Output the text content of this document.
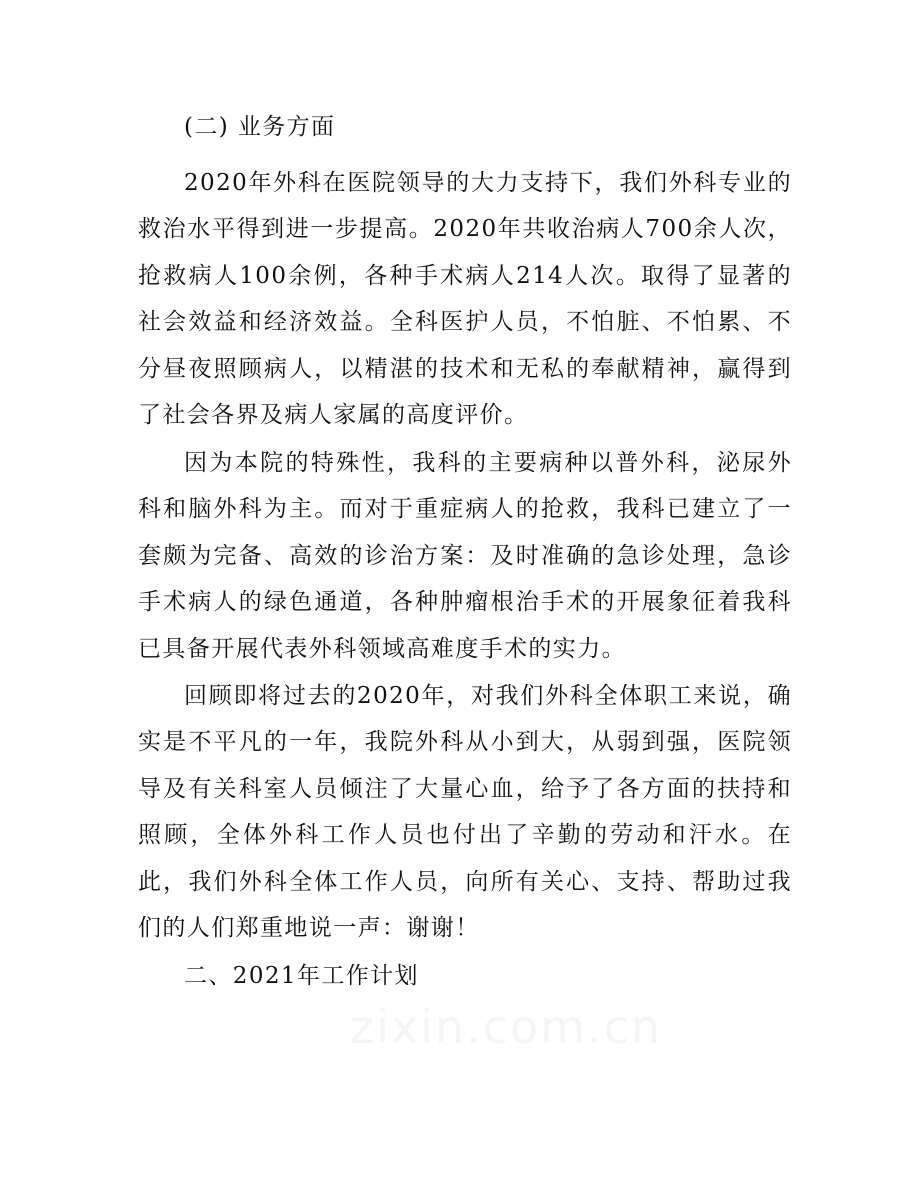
(二) 业务方面

2020年外科在医院领导的大力支持下，我们外科专业的救治水平得到进一步提高。2020年共收治病人700余人次，抢救病人100余例，各种手术病人214人次。取得了显著的社会效益和经济效益。全科医护人员，不怕脏、不怕累、不分昼夜照顾病人，以精湛的技术和无私的奉献精神，赢得到了社会各界及病人家属的高度评价。

因为本院的特殊性，我科的主要病种以普外科，泌尿外科和脑外科为主。而对于重症病人的抢救，我科已建立了一套颇为完备、高效的诊治方案：及时准确的急诊处理，急诊手术病人的绿色通道，各种肿瘤根治手术的开展象征着我科已具备开展代表外科领域高难度手术的实力。

回顾即将过去的2020年，对我们外科全体职工来说，确实是不平凡的一年，我院外科从小到大，从弱到强，医院领导及有关科室人员倾注了大量心血，给予了各方面的扶持和照顾，全体外科工作人员也付出了辛勤的劳动和汗水。在此，我们外科全体工作人员，向所有关心、支持、帮助过我们的人们郑重地说一声：谢谢！

二、2021年工作计划

zixin.com.cn
